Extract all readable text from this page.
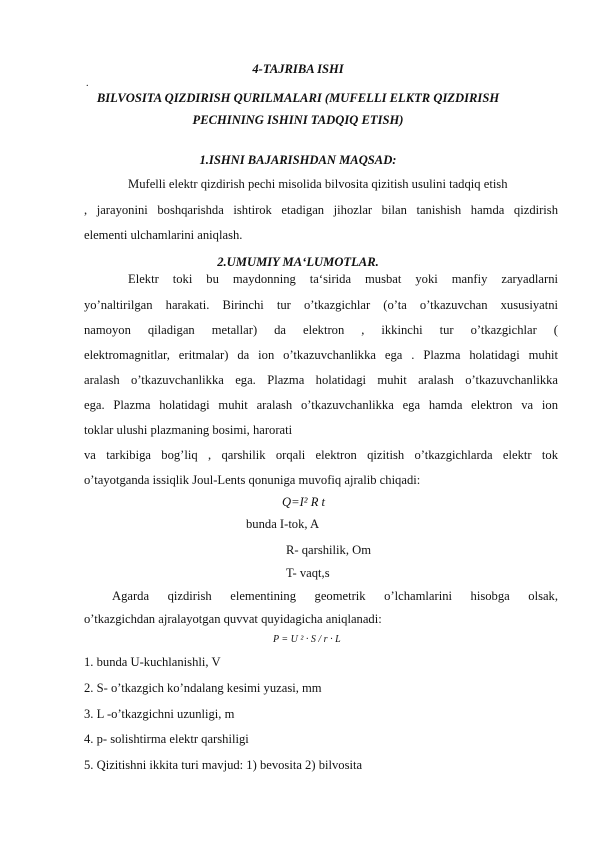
4-TAJRIBA ISHI
.
BILVOSITA QIZDIRISH QURILMALARI (MUFELLI ELKTR QIZDIRISH
PECHINING ISHINI TADQIQ ETISH)
1.ISHNI BAJARISHDAN MAQSAD:
Mufelli elektr qizdirish pechi misolida bilvosita qizitish usulini tadqiq etish
, jarayonini boshqarishda ishtirok etadigan jihozlar bilan tanishish hamda qizdirish
elementi ulchamlarini aniqlash.
2.UMUMIY MA‘LUMOTLAR.
Elektr toki bu maydonning ta‘sirida musbat yoki manfiy zaryadlarni
yo’naltirilgan harakati. Birinchi tur o’tkazgichlar (o’ta o’tkazuvchan xususiyatni
namoyon qiladigan metallar) da elektron , ikkinchi tur o’tkazgichlar (
elektromagnitlar, eritmalar) da ion o’tkazuvchanlikka ega . Plazma holatidagi muhit
aralash o’tkazuvchanlikka ega. Plazma holatidagi muhit aralash o’tkazuvchanlikka
ega. Plazma holatidagi muhit aralash o’tkazuvchanlikka ega hamda elektron va ion
toklar ulushi plazmaning bosimi, harorati
va tarkibiga bog’liq , qarshilik orqali elektron qizitish o’tkazgichlarda elektr tok
o’tayotganda issiqlik Joul-Lents qonuniga muvofiq ajralib chiqadi:
Q=I² R t
bunda I-tok, A
R- qarshilik, Om
T- vaqt,s
Agarda qizdirish elementining geometrik o’lchamlarini hisobga olsak,
o’tkazgichdan ajralayotgan quvvat quyidagicha aniqlanadi:
P = U ² · S / r · L
1. bunda U-kuchlanishli, V
2. S- o’tkazgich ko’ndalang kesimi yuzasi, mm
3. L -o’tkazgichni uzunligi, m
4. p- solishtirma elektr qarshiligi
5. Qizitishni ikkita turi mavjud: 1) bevosita 2) bilvosita
